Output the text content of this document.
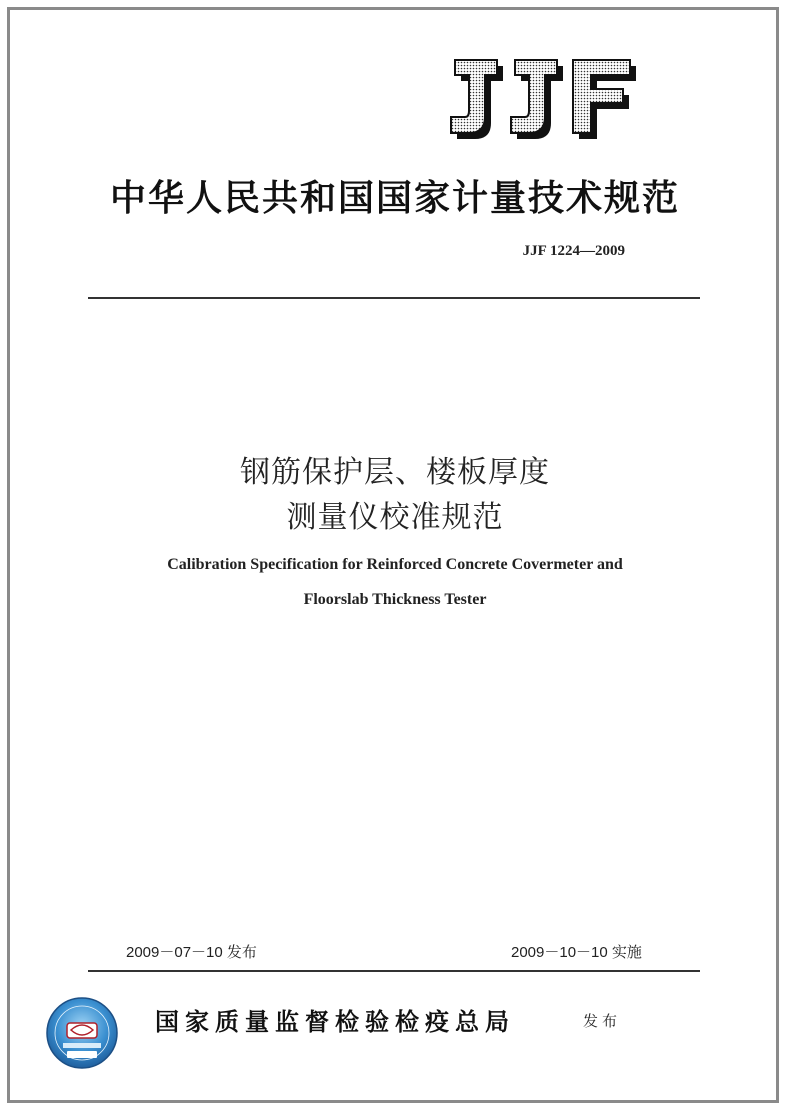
中华人民共和国国家计量技术规范
JJF 1224—2009
钢筋保护层、楼板厚度
测量仪校准规范
Calibration Specification for Reinforced Concrete Covermeter and
Floorslab Thickness Tester
2009－07－10 发布	2009－10－10 实施
国家质量监督检验检疫总局	发布
